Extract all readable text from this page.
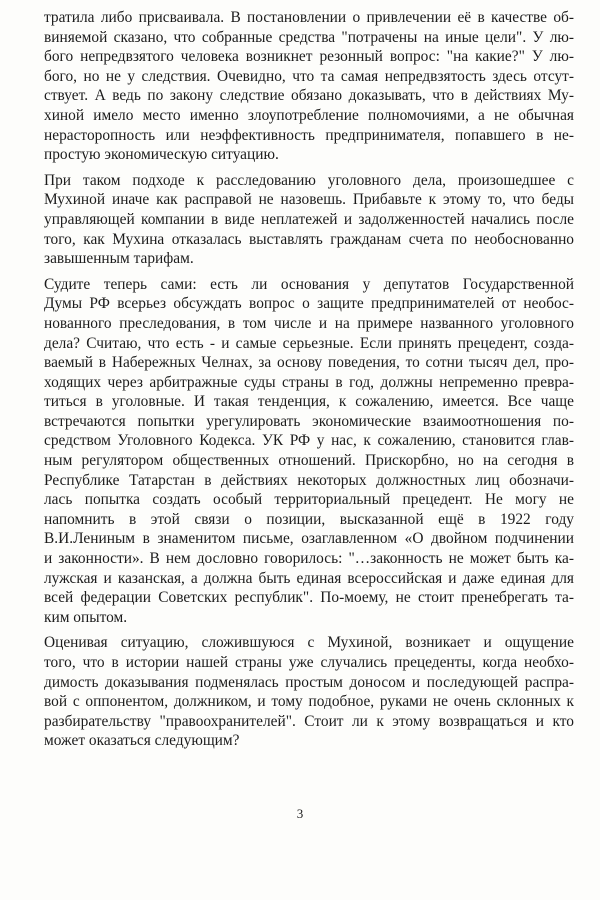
тратила либо присваивала. В постановлении о привлечении её в качестве об-
виняемой сказано, что собранные средства "потрачены на иные цели". У лю-
бого непредвзятого человека возникнет резонный вопрос: "на какие?" У лю-
бого, но не у следствия. Очевидно, что та самая непредвзятость здесь отсут-
ствует. А ведь по закону следствие обязано доказывать, что в действиях Му-
хиной имело место именно злоупотребление полномочиями, а не обычная
нерасторопность или неэффективность предпринимателя, попавшего в не-
простую экономическую ситуацию.
При таком подходе к расследованию уголовного дела, произошедшее с
Мухиной иначе как расправой не назовешь. Прибавьте к этому то, что беды
управляющей компании в виде неплатежей и задолженностей начались после
того, как Мухина отказалась выставлять гражданам счета по необоснованно
завышенным тарифам.
Судите теперь сами: есть ли основания у депутатов Государственной
Думы РФ всерьез обсуждать вопрос о защите предпринимателей от необос-
нованного преследования, в том числе и на примере названного уголовного
дела? Считаю, что есть - и самые серьезные. Если принять прецедент, созда-
ваемый в Набережных Челнах, за основу поведения, то сотни тысяч дел, про-
ходящих через арбитражные суды страны в год, должны непременно превра-
титься в уголовные. И такая тенденция, к сожалению, имеется. Все чаще
встречаются попытки урегулировать экономические взаимоотношения по-
средством Уголовного Кодекса. УК РФ у нас, к сожалению, становится глав-
ным регулятором общественных отношений. Прискорбно, но на сегодня в
Республике Татарстан в действиях некоторых должностных лиц обозначи-
лась попытка создать особый территориальный прецедент. Не могу не
напомнить в этой связи о позиции, высказанной ещё в 1922 году
В.И.Лениным в знаменитом письме, озаглавленном «О двойном подчинении
и законности». В нем дословно говорилось: "…законность не может быть ка-
лужская и казанская, а должна быть единая всероссийская и даже единая для
всей федерации Советских республик". По-моему, не стоит пренебрегать та-
ким опытом.
Оценивая ситуацию, сложившуюся с Мухиной, возникает и ощущение
того, что в истории нашей страны уже случались прецеденты, когда необхо-
димость доказывания подменялась простым доносом и последующей распра-
вой с оппонентом, должником, и тому подобное, руками не очень склонных к
разбирательству "правоохранителей". Стоит ли к этому возвращаться и кто
может оказаться следующим?
3
